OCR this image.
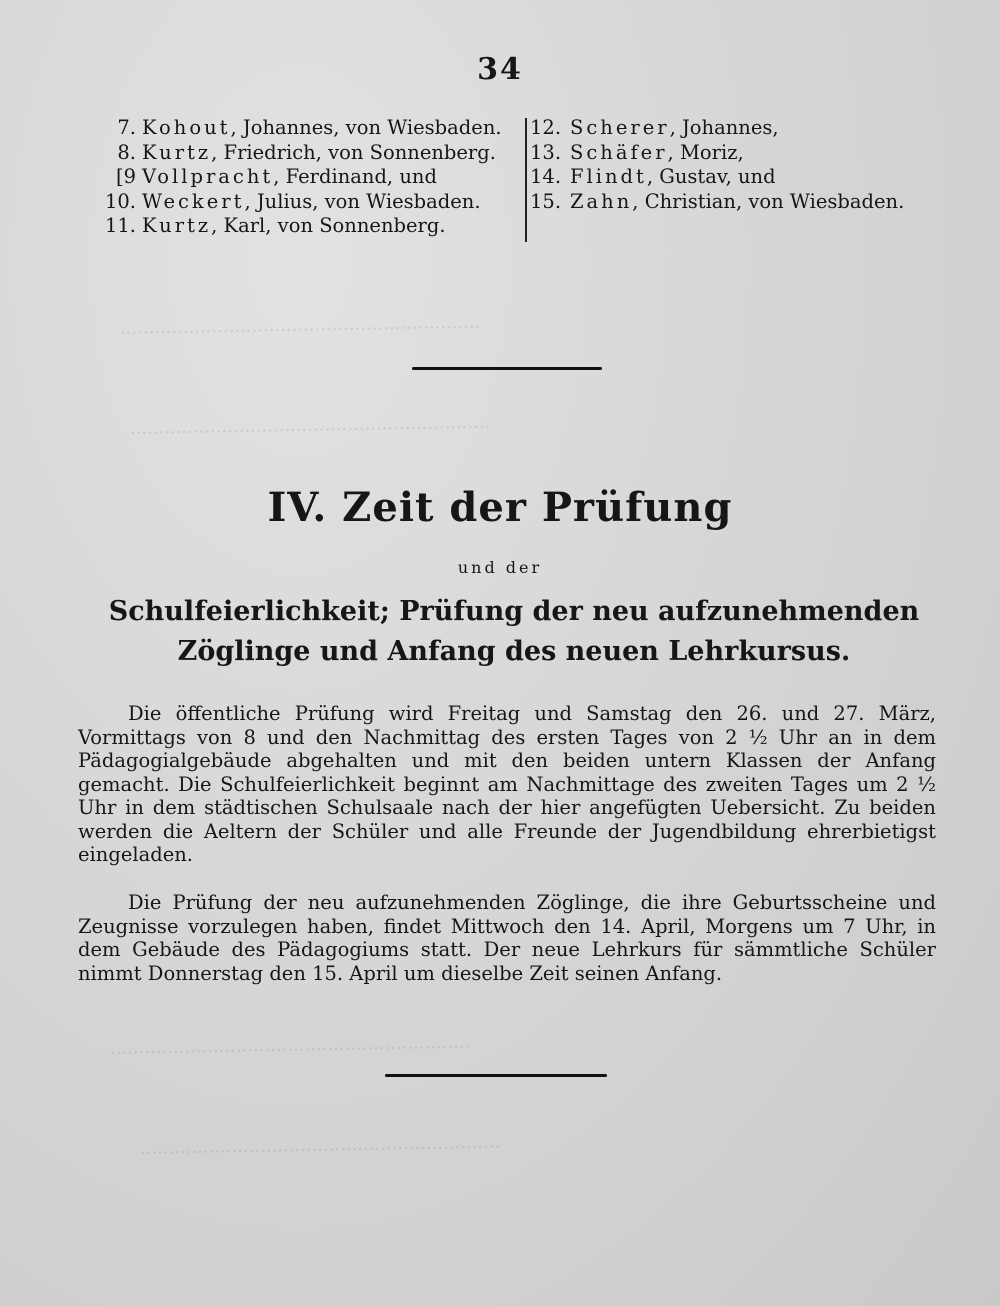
·······························································
·······························································
·······························································
·······························································
34
7. Kohout, Johannes, von Wiesbaden.
8. Kurtz, Friedrich, von Sonnenberg.
[9 Vollpracht, Ferdinand, und
10. Weckert, Julius, von Wiesbaden.
11. Kurtz, Karl, von Sonnenberg.
12. Scherer, Johannes,
13. Schäfer, Moriz,
14. Flindt, Gustav, und
15. Zahn, Christian, von Wiesbaden.
IV. Zeit der Prüfung
und der
Schulfeierlichkeit; Prüfung der neu aufzunehmenden
Zöglinge und Anfang des neuen Lehrkursus.
Die öffentliche Prüfung wird Freitag und Samstag den 26. und 27. März, Vormittags von 8 und den Nachmittag des ersten Tages von 2 ½ Uhr an in dem Pädagogialgebäude abgehalten und mit den beiden untern Klassen der Anfang gemacht. Die Schulfeierlichkeit beginnt am Nachmittage des zweiten Tages um 2 ½ Uhr in dem städtischen Schulsaale nach der hier angefügten Uebersicht. Zu beiden werden die Aeltern der Schüler und alle Freunde der Jugendbildung ehrerbietigst eingeladen.
Die Prüfung der neu aufzunehmenden Zöglinge, die ihre Geburtsscheine und Zeugnisse vorzulegen haben, findet Mittwoch den 14. April, Morgens um 7 Uhr, in dem Gebäude des Pädagogiums statt. Der neue Lehrkurs für sämmtliche Schüler nimmt Donnerstag den 15. April um dieselbe Zeit seinen Anfang.
